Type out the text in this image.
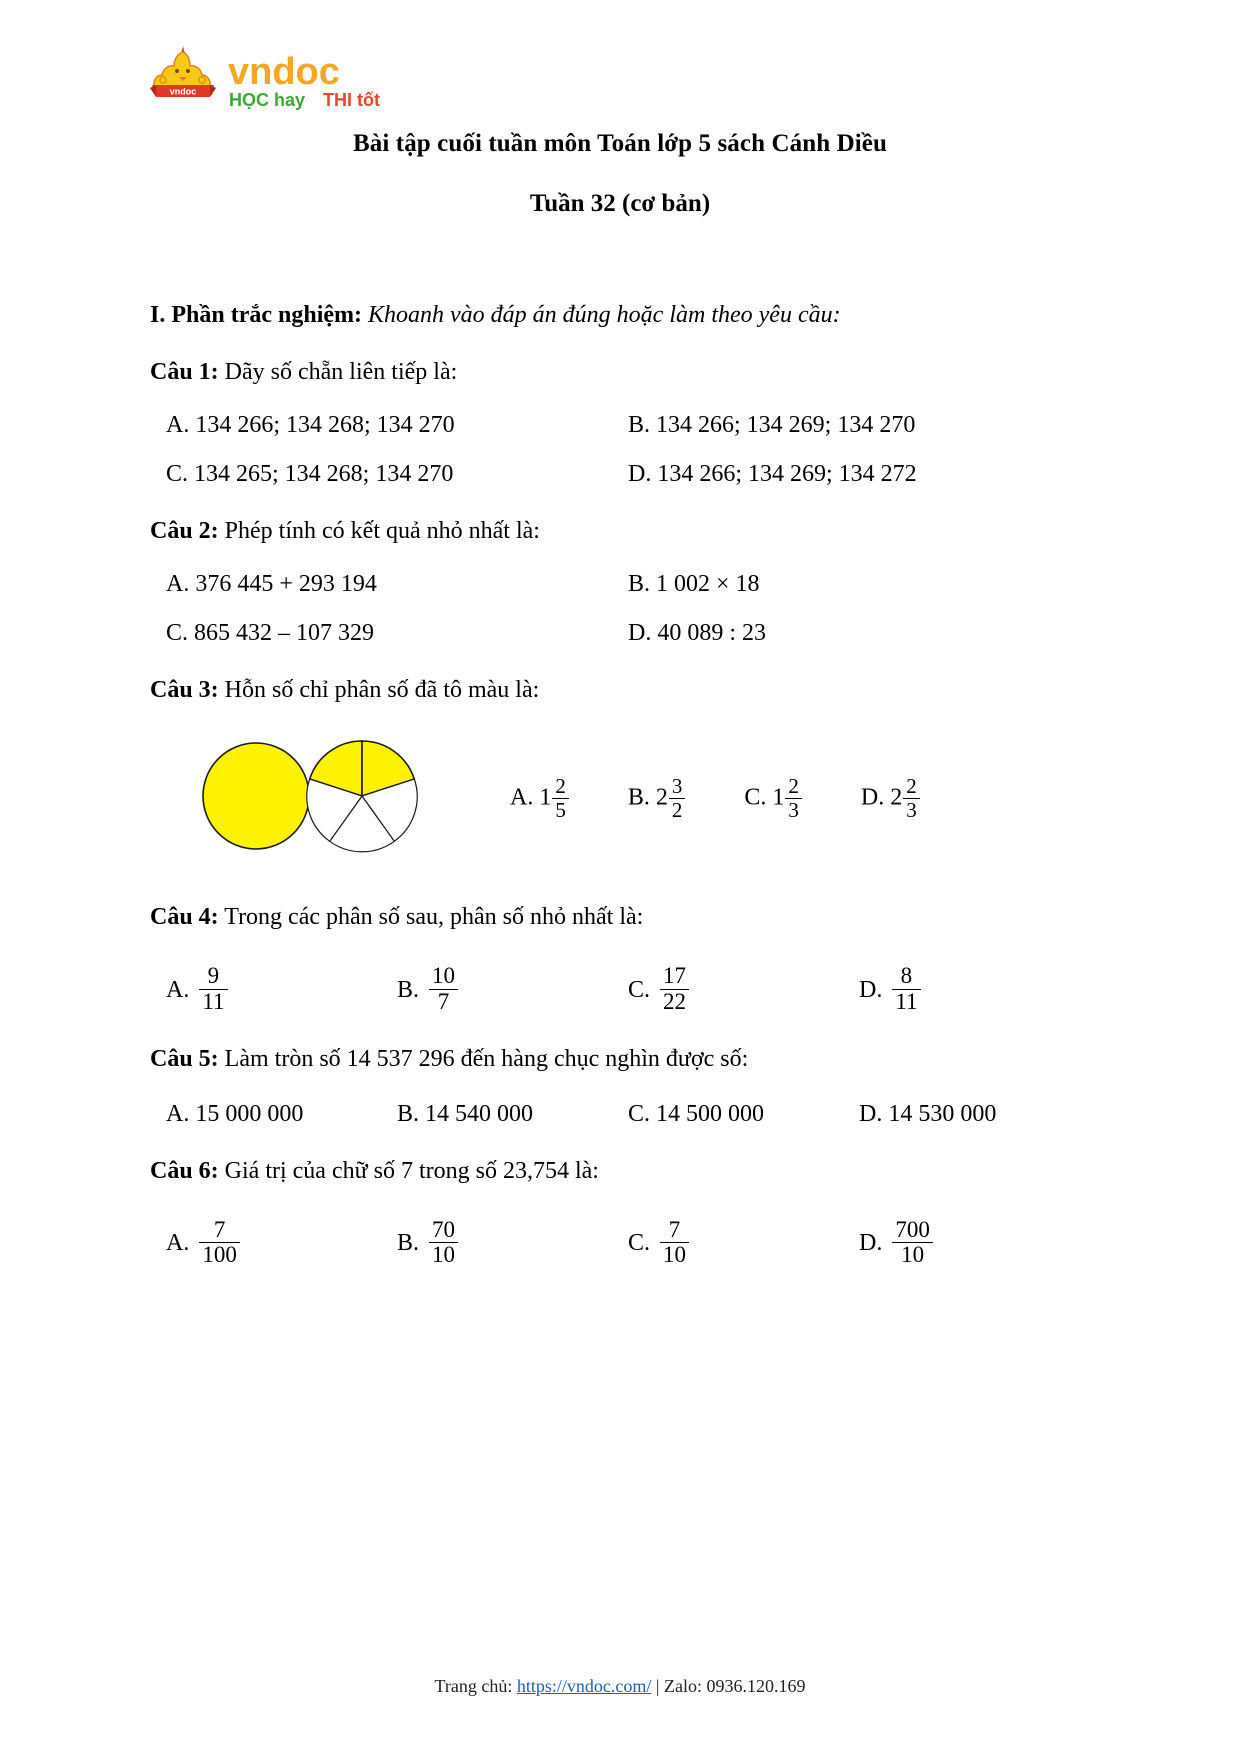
vndoc vndoc
HỌC hay THI tốt
Bài tập cuối tuần môn Toán lớp 5 sách Cánh Diều
Tuần 32 (cơ bản)
I. Phần trắc nghiệm: Khoanh vào đáp án đúng hoặc làm theo yêu cầu:
Câu 1: Dãy số chẵn liên tiếp là:
A. 134 266; 134 268; 134 270	B. 134 266; 134 269; 134 270
C. 134 265; 134 268; 134 270	D. 134 266; 134 269; 134 272
Câu 2: Phép tính có kết quả nhỏ nhất là:
A. 376 445 + 293 194	B. 1 002 × 18
C. 865 432 – 107 329	D. 40 089 : 23
Câu 3: Hỗn số chỉ phân số đã tô màu là:
A. $1 \frac{2}{5} B$. $2 \frac{3}{2} C$. $1 \frac{2}{3} D$. $2 \frac{2}{3}$
Câu 4: Trong các phân số sau, phân số nhỏ nhất là:
A. $\frac{9}{11}$	B. $\frac{10}{7}$	C. $\frac{17}{22}$	D. $\frac{8}{11}$
Câu 5: Làm tròn số 14 537 296 đến hàng chục nghìn được số:
A. 15 000 000	B. 14 540 000	C. 14 500 000	D. 14 530 000
Câu 6: Giá trị của chữ số 7 trong số 23,754 là:
A. $\frac{7}{100}$	B. $\frac{70}{10}$	C. $\frac{7}{10}$	D. $\frac{700}{10}$
Trang chủ: https://vndoc.com/ | Zalo: 0936.120.169
